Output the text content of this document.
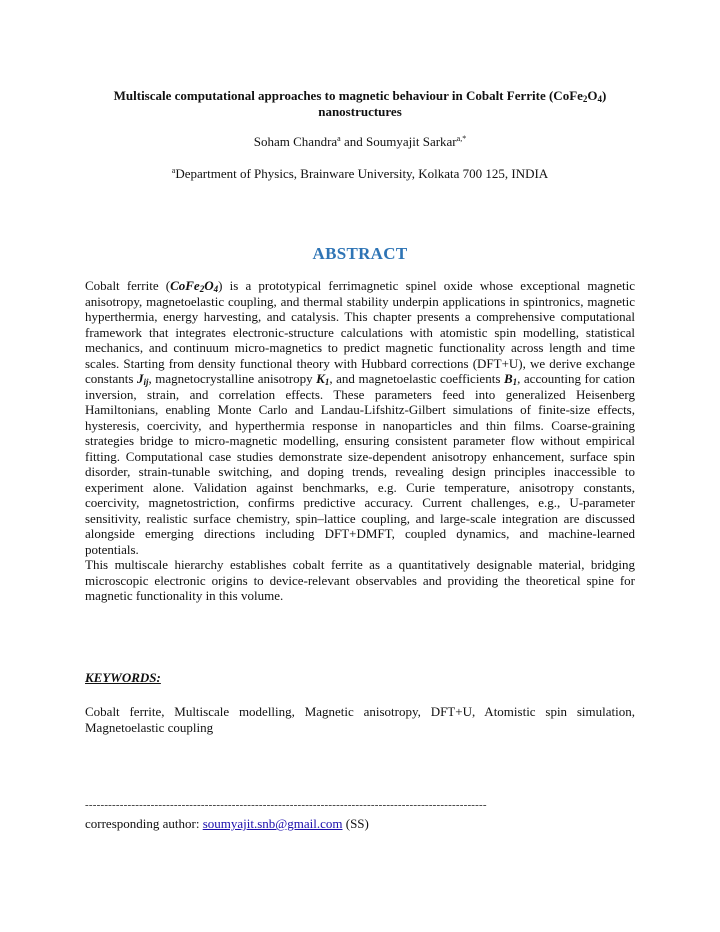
Multiscale computational approaches to magnetic behaviour in Cobalt Ferrite $(CoFe_2O_4)$
nanostructures
Soham Chandra$^a$ and Soumyajit Sarkar$^{a,*}$
$^a$Department of Physics, Brainware University, Kolkata 700 125, INDIA
ABSTRACT

Cobalt ferrite $(CoFe_2O_4)$ is a prototypical ferrimagnetic spinel oxide whose exceptional magnetic anisotropy, magnetoelastic coupling, and thermal stability underpin applications in spintronics, magnetic hyperthermia, energy harvesting, and catalysis. This chapter presents a comprehensive computational framework that integrates electronic-structure calculations with atomistic spin modelling, statistical mechanics, and continuum micro-magnetics to predict magnetic functionality across length and time scales. Starting from density functional theory with Hubbard corrections (DFT+U), we derive exchange constants $J_{ij}$, magnetocrystalline anisotropy $K_1$, and magnetoelastic coefficients $B_1$, accounting for cation inversion, strain, and correlation effects. These parameters feed into generalized Heisenberg Hamiltonians, enabling Monte Carlo and Landau-Lifshitz-Gilbert simulations of finite-size effects, hysteresis, coercivity, and hyperthermia response in nanoparticles and thin films. Coarse-graining strategies bridge to micro-magnetic modelling, ensuring consistent parameter flow without empirical fitting. Computational case studies demonstrate size-dependent anisotropy enhancement, surface spin disorder, strain-tunable switching, and doping trends, revealing design principles inaccessible to experiment alone. Validation against benchmarks, e.g. Curie temperature, anisotropy constants, coercivity, magnetostriction, confirms predictive accuracy. Current challenges, e.g., U-parameter sensitivity, realistic surface chemistry, spin–lattice coupling, and large-scale integration are discussed alongside emerging directions including DFT+DMFT, coupled dynamics, and machine-learned potentials.

This multiscale hierarchy establishes cobalt ferrite as a quantitatively designable material, bridging microscopic electronic origins to device-relevant observables and providing the theoretical spine for magnetic functionality in this volume.

KEYWORDS:
Cobalt ferrite, Multiscale modelling, Magnetic anisotropy, DFT+U, Atomistic spin simulation, Magnetoelastic coupling
--------------------------------------------------------------------------------------------------------
corresponding author: soumyajit.snb@gmail.com (SS)
